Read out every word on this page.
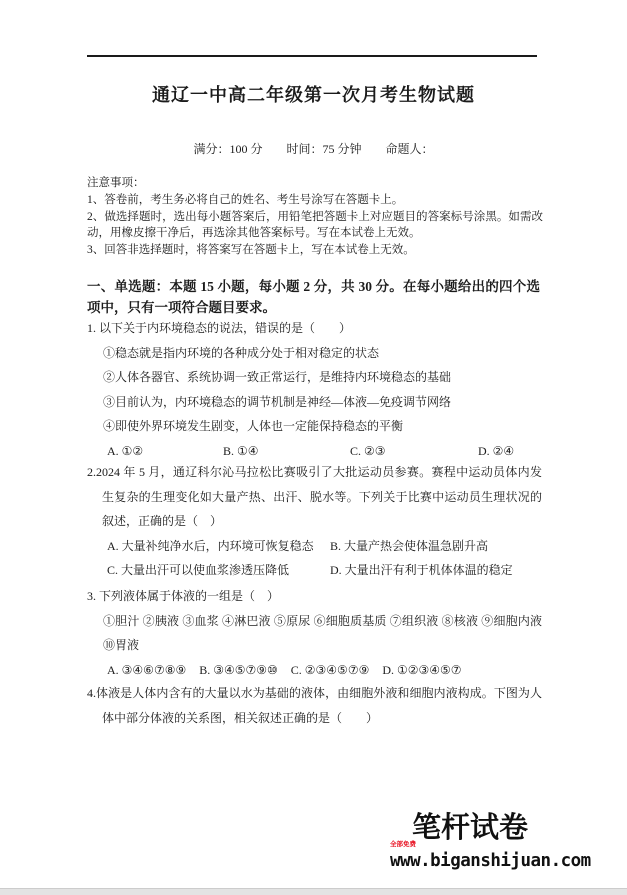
通辽一中高二年级第一次月考生物试题
满分：100 分　　时间：75 分钟　　命题人：
注意事项：
1、答卷前，考生务必将自己的姓名、考生号涂写在答题卡上。
2、做选择题时，选出每小题答案后，用铅笔把答题卡上对应题目的答案标号涂黑。如需改动，用橡皮擦干净后，再选涂其他答案标号。写在本试卷上无效。
3、回答非选择题时，将答案写在答题卡上，写在本试卷上无效。
一、单选题：本题 15 小题，每小题 2 分，共 30 分。在每小题给出的四个选项中，只有一项符合题目要求。
1. 以下关于内环境稳态的说法，错误的是（　　）
①稳态就是指内环境的各种成分处于相对稳定的状态
②人体各器官、系统协调一致正常运行，是维持内环境稳态的基础
③目前认为，内环境稳态的调节机制是神经—体液—免疫调节网络
④即使外界环境发生剧变，人体也一定能保持稳态的平衡
A. ①②	B. ①④	C. ②③	D. ②④
2.2024 年 5 月，通辽科尔沁马拉松比赛吸引了大批运动员参赛。赛程中运动员体内发生复杂的生理变化如大量产热、出汗、脱水等。下列关于比赛中运动员生理状况的叙述，正确的是（　）
A. 大量补纯净水后，内环境可恢复稳态	B. 大量产热会使体温急剧升高
C. 大量出汗可以使血浆渗透压降低	D. 大量出汗有利于机体体温的稳定
3. 下列液体属于体液的一组是（　）
①胆汁 ②胰液 ③血浆 ④淋巴液 ⑤原尿 ⑥细胞质基质 ⑦组织液 ⑧核液 ⑨细胞内液 ⑩胃液
A. ③④⑥⑦⑧⑨ B. ③④⑤⑦⑨⑩ C. ②③④⑤⑦⑨ D. ①②③④⑤⑦
4.体液是人体内含有的大量以水为基础的液体，由细胞外液和细胞内液构成。下图为人体中部分体液的关系图，相关叙述正确的是（　　）
笔杆试卷
全部免费
www.biganshijuan.com
